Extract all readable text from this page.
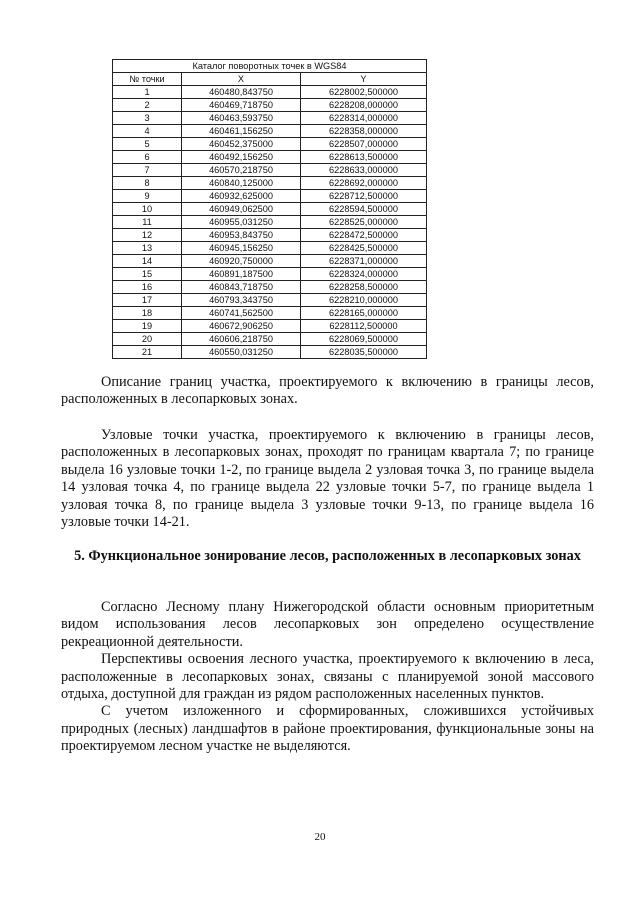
Каталог поворотных точек в WGS84		
№ точки	X	Y
1	460480,843750	6228002,500000
2	460469,718750	6228208,000000
3	460463,593750	6228314,000000
4	460461,156250	6228358,000000
5	460452,375000	6228507,000000
6	460492,156250	6228613,500000
7	460570,218750	6228633,000000
8	460840,125000	6228692,000000
9	460932,625000	6228712,500000
10	460949,062500	6228594,500000
11	460955,031250	6228525,000000
12	460953,843750	6228472,500000
13	460945,156250	6228425,500000
14	460920,750000	6228371,000000
15	460891,187500	6228324,000000
16	460843,718750	6228258,500000
17	460793,343750	6228210,000000
18	460741,562500	6228165,000000
19	460672,906250	6228112,500000
20	460606,218750	6228069,500000
21	460550,031250	6228035,500000

Описание границ участка, проектируемого к включению в границы лесов, расположенных в лесопарковых зонах.

Узловые точки участка, проектируемого к включению в границы лесов, расположенных в лесопарковых зонах, проходят по границам квартала 7; по границе выдела 16 узловые точки 1-2, по границе выдела 2 узловая точка 3, по границе выдела 14 узловая точка 4, по границе выдела 22 узловые точки 5-7, по границе выдела 1 узловая точка 8, по границе выдела 3 узловые точки 9-13, по границе выдела 16 узловые точки 14-21.

5. Функциональное зонирование лесов, расположенных в лесопарковых зонах

Согласно Лесному плану Нижегородской области основным приоритетным видом использования лесов лесопарковых зон определено осуществление рекреационной деятельности.

Перспективы освоения лесного участка, проектируемого к включению в леса, расположенные в лесопарковых зонах, связаны с планируемой зоной массового отдыха, доступной для граждан из рядом расположенных населенных пунктов.

С учетом изложенного и сформированных, сложившихся устойчивых природных (лесных) ландшафтов в районе проектирования, функциональные зоны на проектируемом лесном участке не выделяются.

20
